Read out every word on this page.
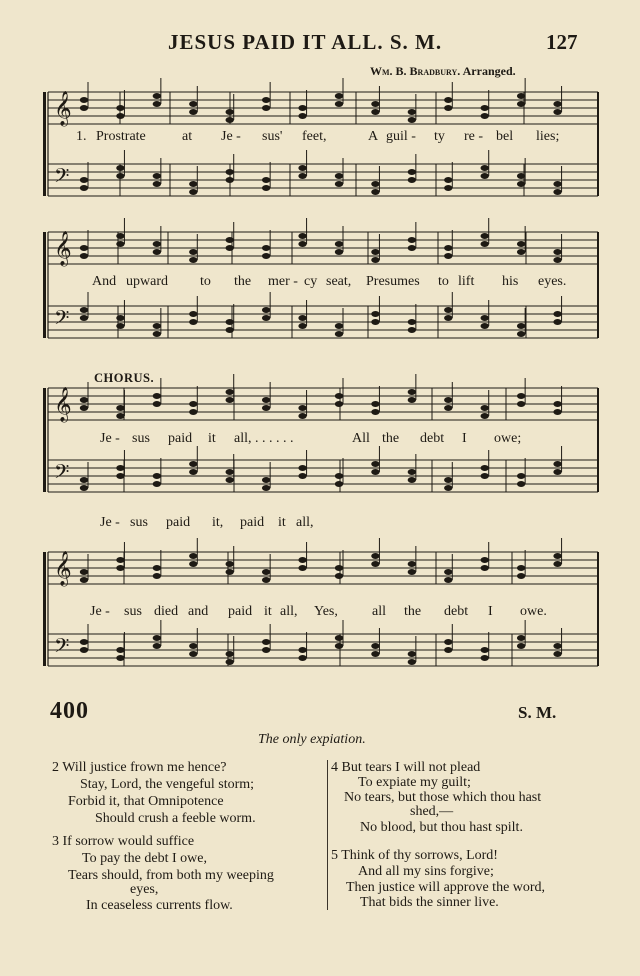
JESUS PAID IT ALL. S. M.	127
Wm. B. Bradbury. Arranged.
𝄞
𝄢
𝄞
𝄢
𝄞
𝄢
𝄞
𝄢
1. Prostrate	at Je - sus' feet,	A guil - ty re - bel lies;
And upward to the mer - cy seat, Presumes to lift his eyes.
CHORUS.
Je - sus paid it all, . . . . . .	All the debt I owe;
Je - sus paid it, paid it all,
Je - sus died and paid it all, Yes, all the debt I owe.
400	S. M.
The only expiation.
2 Will justice frown me hence?
Stay, Lord, the vengeful storm;
Forbid it, that Omnipotence
Should crush a feeble worm.
3 If sorrow would suffice
To pay the debt I owe,
Tears should, from both my weeping
eyes,
In ceaseless currents flow.
4 But tears I will not plead
To expiate my guilt;
No tears, but those which thou hast
shed,—
No blood, but thou hast spilt.
5 Think of thy sorrows, Lord!
And all my sins forgive;
Then justice will approve the word,
That bids the sinner live.
